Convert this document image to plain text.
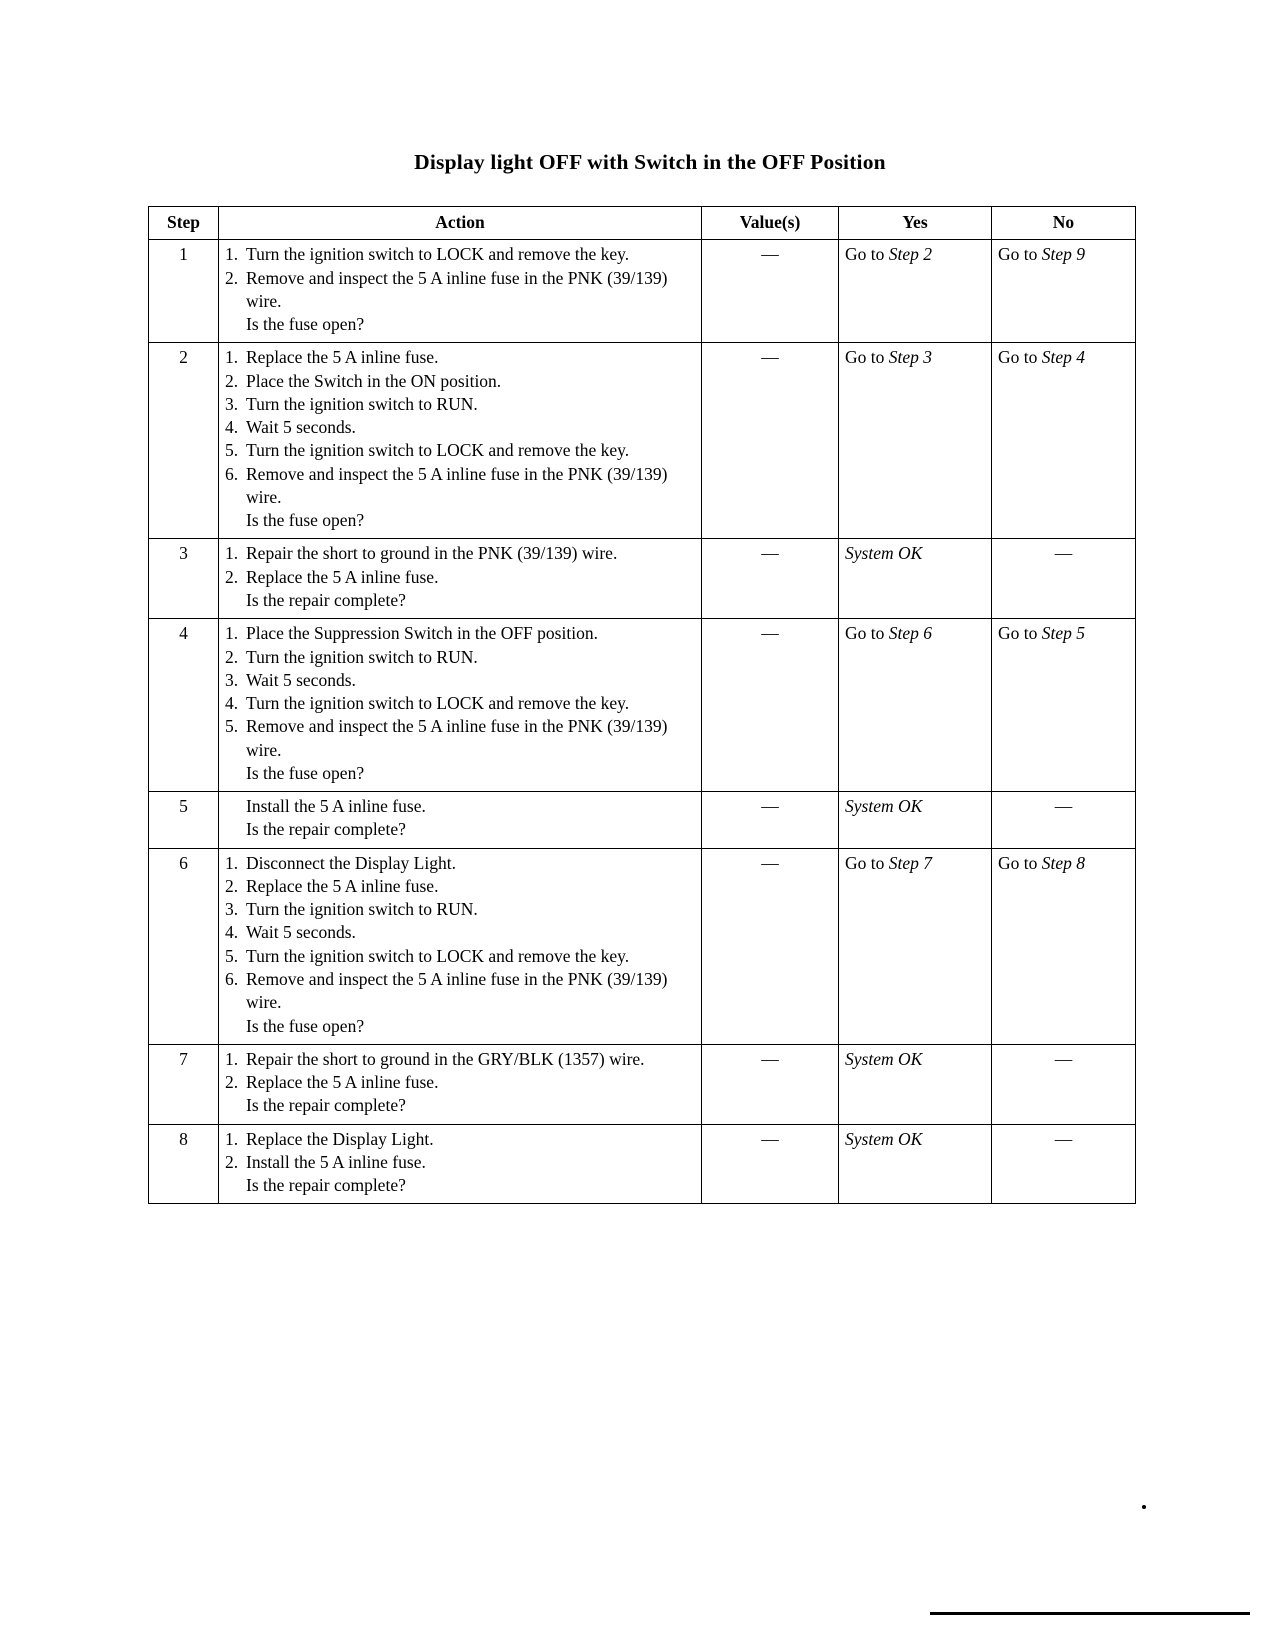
Display light OFF with Switch in the OFF Position
Step	Action	Value(s)	Yes	No
1	1. Turn the ignition switch to LOCK and remove the key.
2. Remove and inspect the 5 A inline fuse in the PNK (39/139) wire.
Is the fuse open?
	—	Go to Step 2	Go to Step 9
2	1. Replace the 5 A inline fuse.
2. Place the Switch in the ON position.
3. Turn the ignition switch to RUN.
4. Wait 5 seconds.
5. Turn the ignition switch to LOCK and remove the key.
6. Remove and inspect the 5 A inline fuse in the PNK (39/139) wire.
Is the fuse open?
	—	Go to Step 3	Go to Step 4
3	1. Repair the short to ground in the PNK (39/139) wire.
2. Replace the 5 A inline fuse.
Is the repair complete?
	—	System OK	—

4	1. Place the Suppression Switch in the OFF position.
2. Turn the ignition switch to RUN.
3. Wait 5 seconds.
4. Turn the ignition switch to LOCK and remove the key.
5. Remove and inspect the 5 A inline fuse in the PNK (39/139) wire.
Is the fuse open?
	—	Go to Step 6	Go to Step 5
5	Install the 5 A inline fuse.
Is the repair complete?
	—	System OK	—

6	1. Disconnect the Display Light.
2. Replace the 5 A inline fuse.
3. Turn the ignition switch to RUN.
4. Wait 5 seconds.
5. Turn the ignition switch to LOCK and remove the key.
6. Remove and inspect the 5 A inline fuse in the PNK (39/139) wire.
Is the fuse open?
	—	Go to Step 7	Go to Step 8
7	1. Repair the short to ground in the GRY/BLK (1357) wire.
2. Replace the 5 A inline fuse.
Is the repair complete?
	—	System OK	—

8	1. Replace the Display Light.
2. Install the 5 A inline fuse.
Is the repair complete?
	—	System OK	—
